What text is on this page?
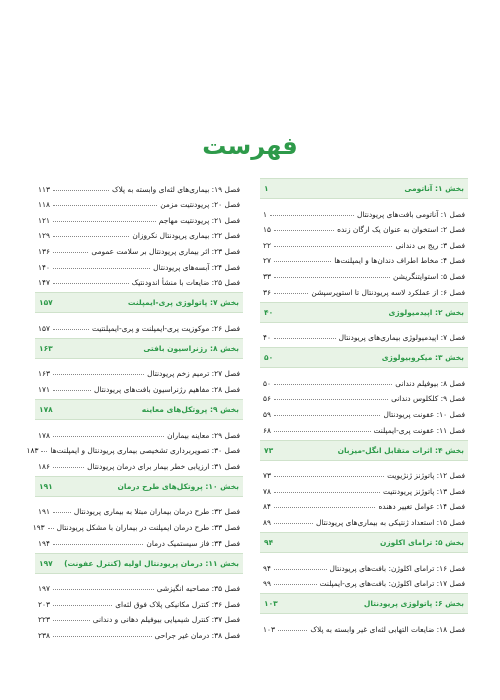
فهرست
بخش ۱: آناتومی
۱
فصل ۱: آناتومی بافت‌های پریودنتال
۱
فصل ۲: استخوان به عنوان یک ارگان زنده
۱۵
فصل ۳: ریج بی دندانی
۲۲
فصل ۴: مخاط اطراف دندان‌ها و ایمپلنت‌ها
۲۷
فصل ۵: استوایتنگریشن
۳۳
فصل ۶: از عملکرد لاسه پریودنتال تا استوپرسپشن
۳۶
بخش ۲: اپیدمیولوژی
۴۰
فصل ۷: اپیدمیولوژی بیماری‌های پریودنتال
۴۰
بخش ۳: میکروبیولوژی
۵۰
فصل ۸: بیوفیلم دندانی
۵۰
فصل ۹: کلکلوس دندانی
۵۶
فصل ۱۰: عفونت پریودنتال
۵۹
فصل ۱۱: عفونت پری-ایمپلنت
۶۸
بخش ۴: اثرات متقابل انگل-میزبان
۷۳
فصل ۱۲: پاتوژنز ژنژیویت
۷۳
فصل ۱۳: پاتوژنز پریودنتیت
۷۸
فصل ۱۴: عوامل تغییر دهنده
۸۴
فصل ۱۵: استعداد ژنتیکی به بیماری‌های پریودنتال
۸۹
بخش ۵: ترامای اکلوزن
۹۴
فصل ۱۶: ترامای اکلوژن: بافت‌های پریودنتال
۹۴
فصل ۱۷: ترامای اکلوژن: بافت‌های پری-ایمپلنت
۹۹
بخش ۶: پاتولوژی پریودنتال
۱۰۳
فصل ۱۸: ضایعات التهابی لثه‌ای غیر وابسته به پلاک
۱۰۳
فصل ۱۹: بیماری‌های لثه‌ای وابسته به پلاک
۱۱۳
فصل ۲۰: پریودنتیت مزمن
۱۱۸
فصل ۲۱: پریودنتیت مهاجم
۱۲۱
فصل ۲۲: بیماری پریودنتال نکروزان
۱۲۹
فصل ۲۳: اثر بیماری پریودنتال بر سلامت عمومی
۱۳۶
فصل ۲۴: آبسه‌های پریودنتال
۱۴۰
فصل ۲۵: ضایعات با منشأ اندودنتیک
۱۴۷
بخش ۷: پاتولوژی پری-ایمپلنت
۱۵۷
فصل ۲۶: موکوزیت پری-ایمپلنت و پری-ایمپلنتیت
۱۵۷
بخش ۸: رژنراسیون بافتی
۱۶۳
فصل ۲۷: ترمیم زخم پریودنتال
۱۶۳
فصل ۲۸: مفاهیم رژنراسیون بافت‌های پریودنتال
۱۷۱
بخش ۹: پروتکل‌های معاینه
۱۷۸
فصل ۲۹: معاینه بیماران
۱۷۸
فصل ۳۰: تصویربرداری تشخیصی بیماری پریودنتال و ایمپلنت‌ها
۱۸۳
فصل ۳۱: ارزیابی خطر بیمار برای درمان پریودنتال
۱۸۶
بخش ۱۰: پروتکل‌های طرح درمان
۱۹۱
فصل ۳۲: طرح درمان بیماران مبتلا به بیماری پریودنتال
۱۹۱
فصل ۳۳: طرح درمان ایمپلنت در بیماران با مشکل پریودنتال
۱۹۳
فصل ۳۴: فاز سیستمیک درمان
۱۹۴
بخش ۱۱: درمان پریودنتال اولیه (کنترل عفونت)
۱۹۷
فصل ۳۵: مصاحبه انگیزشی
۱۹۷
فصل ۳۶: کنترل مکانیکی پلاک فوق لثه‌ای
۲۰۳
فصل ۳۷: کنترل شیمیایی بیوفیلم دهانی و دندانی
۲۲۳
فصل ۳۸: درمان غیر جراحی
۲۳۸
